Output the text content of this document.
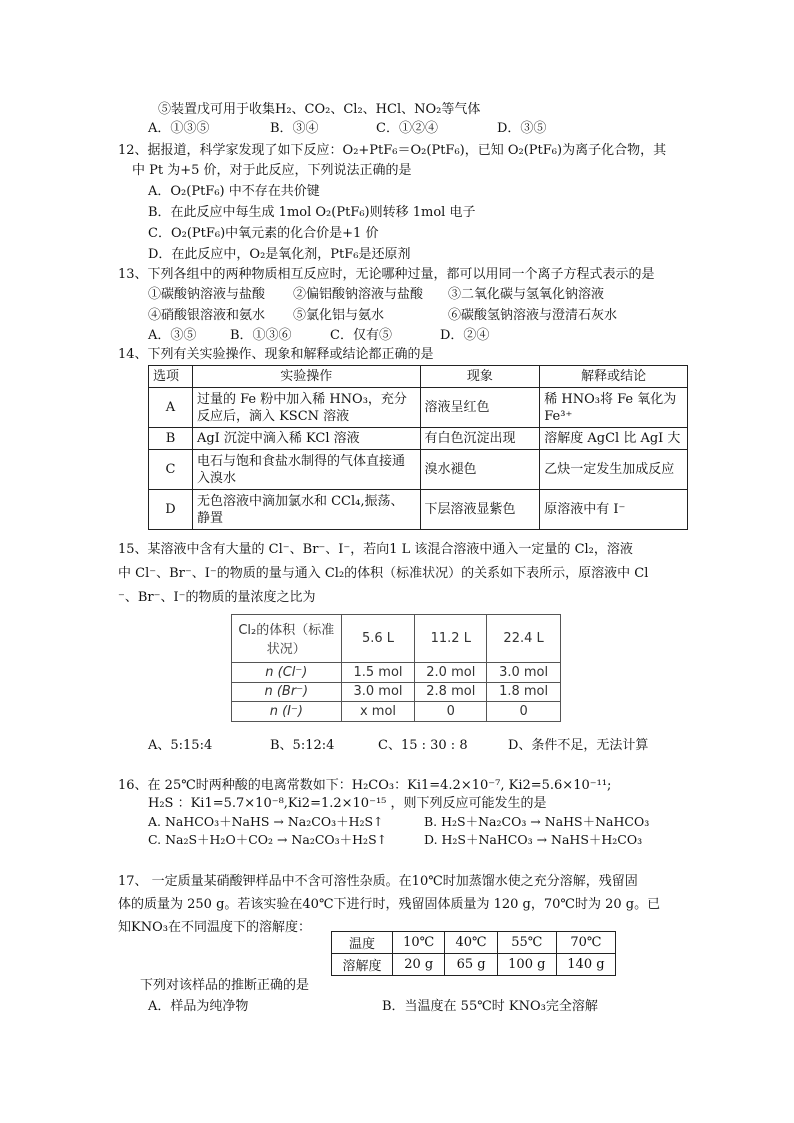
⑤装置戊可用于收集H₂、CO₂、Cl₂、HCl、NO₂等气体
A．①③⑤	B．③④	C．①②④	D．③⑤
12、据报道，科学家发现了如下反应：O₂+PtF₆＝O₂(PtF₆)，已知 O₂(PtF₆)为离子化合物，其
中 Pt 为+5 价，对于此反应，下列说法正确的是
A．O₂(PtF₆) 中不存在共价键
B．在此反应中每生成 1mol O₂(PtF₆)则转移 1mol 电子
C．O₂(PtF₆)中氧元素的化合价是+1 价
D．在此反应中，O₂是氧化剂，PtF₆是还原剂
13、下列各组中的两种物质相互反应时，无论哪种过量，都可以用同一个离子方程式表示的是
①碳酸钠溶液与盐酸 ②偏铝酸钠溶液与盐酸 ③二氧化碳与氢氧化钠溶液
④硝酸银溶液和氨水 ⑤氯化铝与氨水	⑥碳酸氢钠溶液与澄清石灰水
A．③⑤	B．①③⑥	C．仅有⑤	D．②④
14、下列有关实验操作、现象和解释或结论都正确的是
选项	实验操作	现象	解释或结论
A	过量的 Fe 粉中加入稀 HNO₃，充分反应后，滴入 KSCN 溶液	溶液呈红色	稀 HNO₃将 Fe 氧化为 Fe³⁺
B	AgI 沉淀中滴入稀 KCl 溶液	有白色沉淀出现	溶解度 AgCl 比 AgI 大
C	电石与饱和食盐水制得的气体直接通入溴水	溴水褪色	乙炔一定发生加成反应
D	无色溶液中滴加氯水和 CCl₄,振荡、静置	下层溶液显紫色	原溶液中有 I⁻
15、某溶液中含有大量的 Cl⁻、Br⁻、I⁻，若向1 L 该混合溶液中通入一定量的 Cl₂，溶液
中 Cl⁻、Br⁻、I⁻的物质的量与通入 Cl₂的体积（标准状况）的关系如下表所示，原溶液中 Cl
⁻、Br⁻、I⁻的物质的量浓度之比为
Cl₂的体积（标准状况）	5.6 L	11.2 L	22.4 L
n (Cl⁻)	1.5 mol	2.0 mol	3.0 mol
n (Br⁻)	3.0 mol	2.8 mol	1.8 mol
n (I⁻)	x mol	0	0
A、5:15:4	B、5:12:4	C、15 : 30 : 8	D、条件不足，无法计算
16、在 25℃时两种酸的电离常数如下：H₂CO₃：Ki1=4.2×10⁻⁷, Ki2=5.6×10⁻¹¹;
H₂S ：Ki1=5.7×10⁻⁸,Ki2=1.2×10⁻¹⁵ ，则下列反应可能发生的是
A. NaHCO₃＋NaHS → Na₂CO₃＋H₂S↑	B. H₂S＋Na₂CO₃ → NaHS＋NaHCO₃
C. Na₂S＋H₂O＋CO₂ → Na₂CO₃＋H₂S↑	D. H₂S＋NaHCO₃ → NaHS＋H₂CO₃
17、 一定质量某硝酸钾样品中不含可溶性杂质。在10℃时加蒸馏水使之充分溶解，残留固
体的质量为 250 g。若该实验在40℃下进行时，残留固体质量为 120 g，70℃时为 20 g。已
知KNO₃在不同温度下的溶解度：
温度	10℃	40℃	55℃	70℃
溶解度	20 g	65 g	100 g	140 g
下列对该样品的推断正确的是
A．样品为纯净物	B．当温度在 55℃时 KNO₃完全溶解
